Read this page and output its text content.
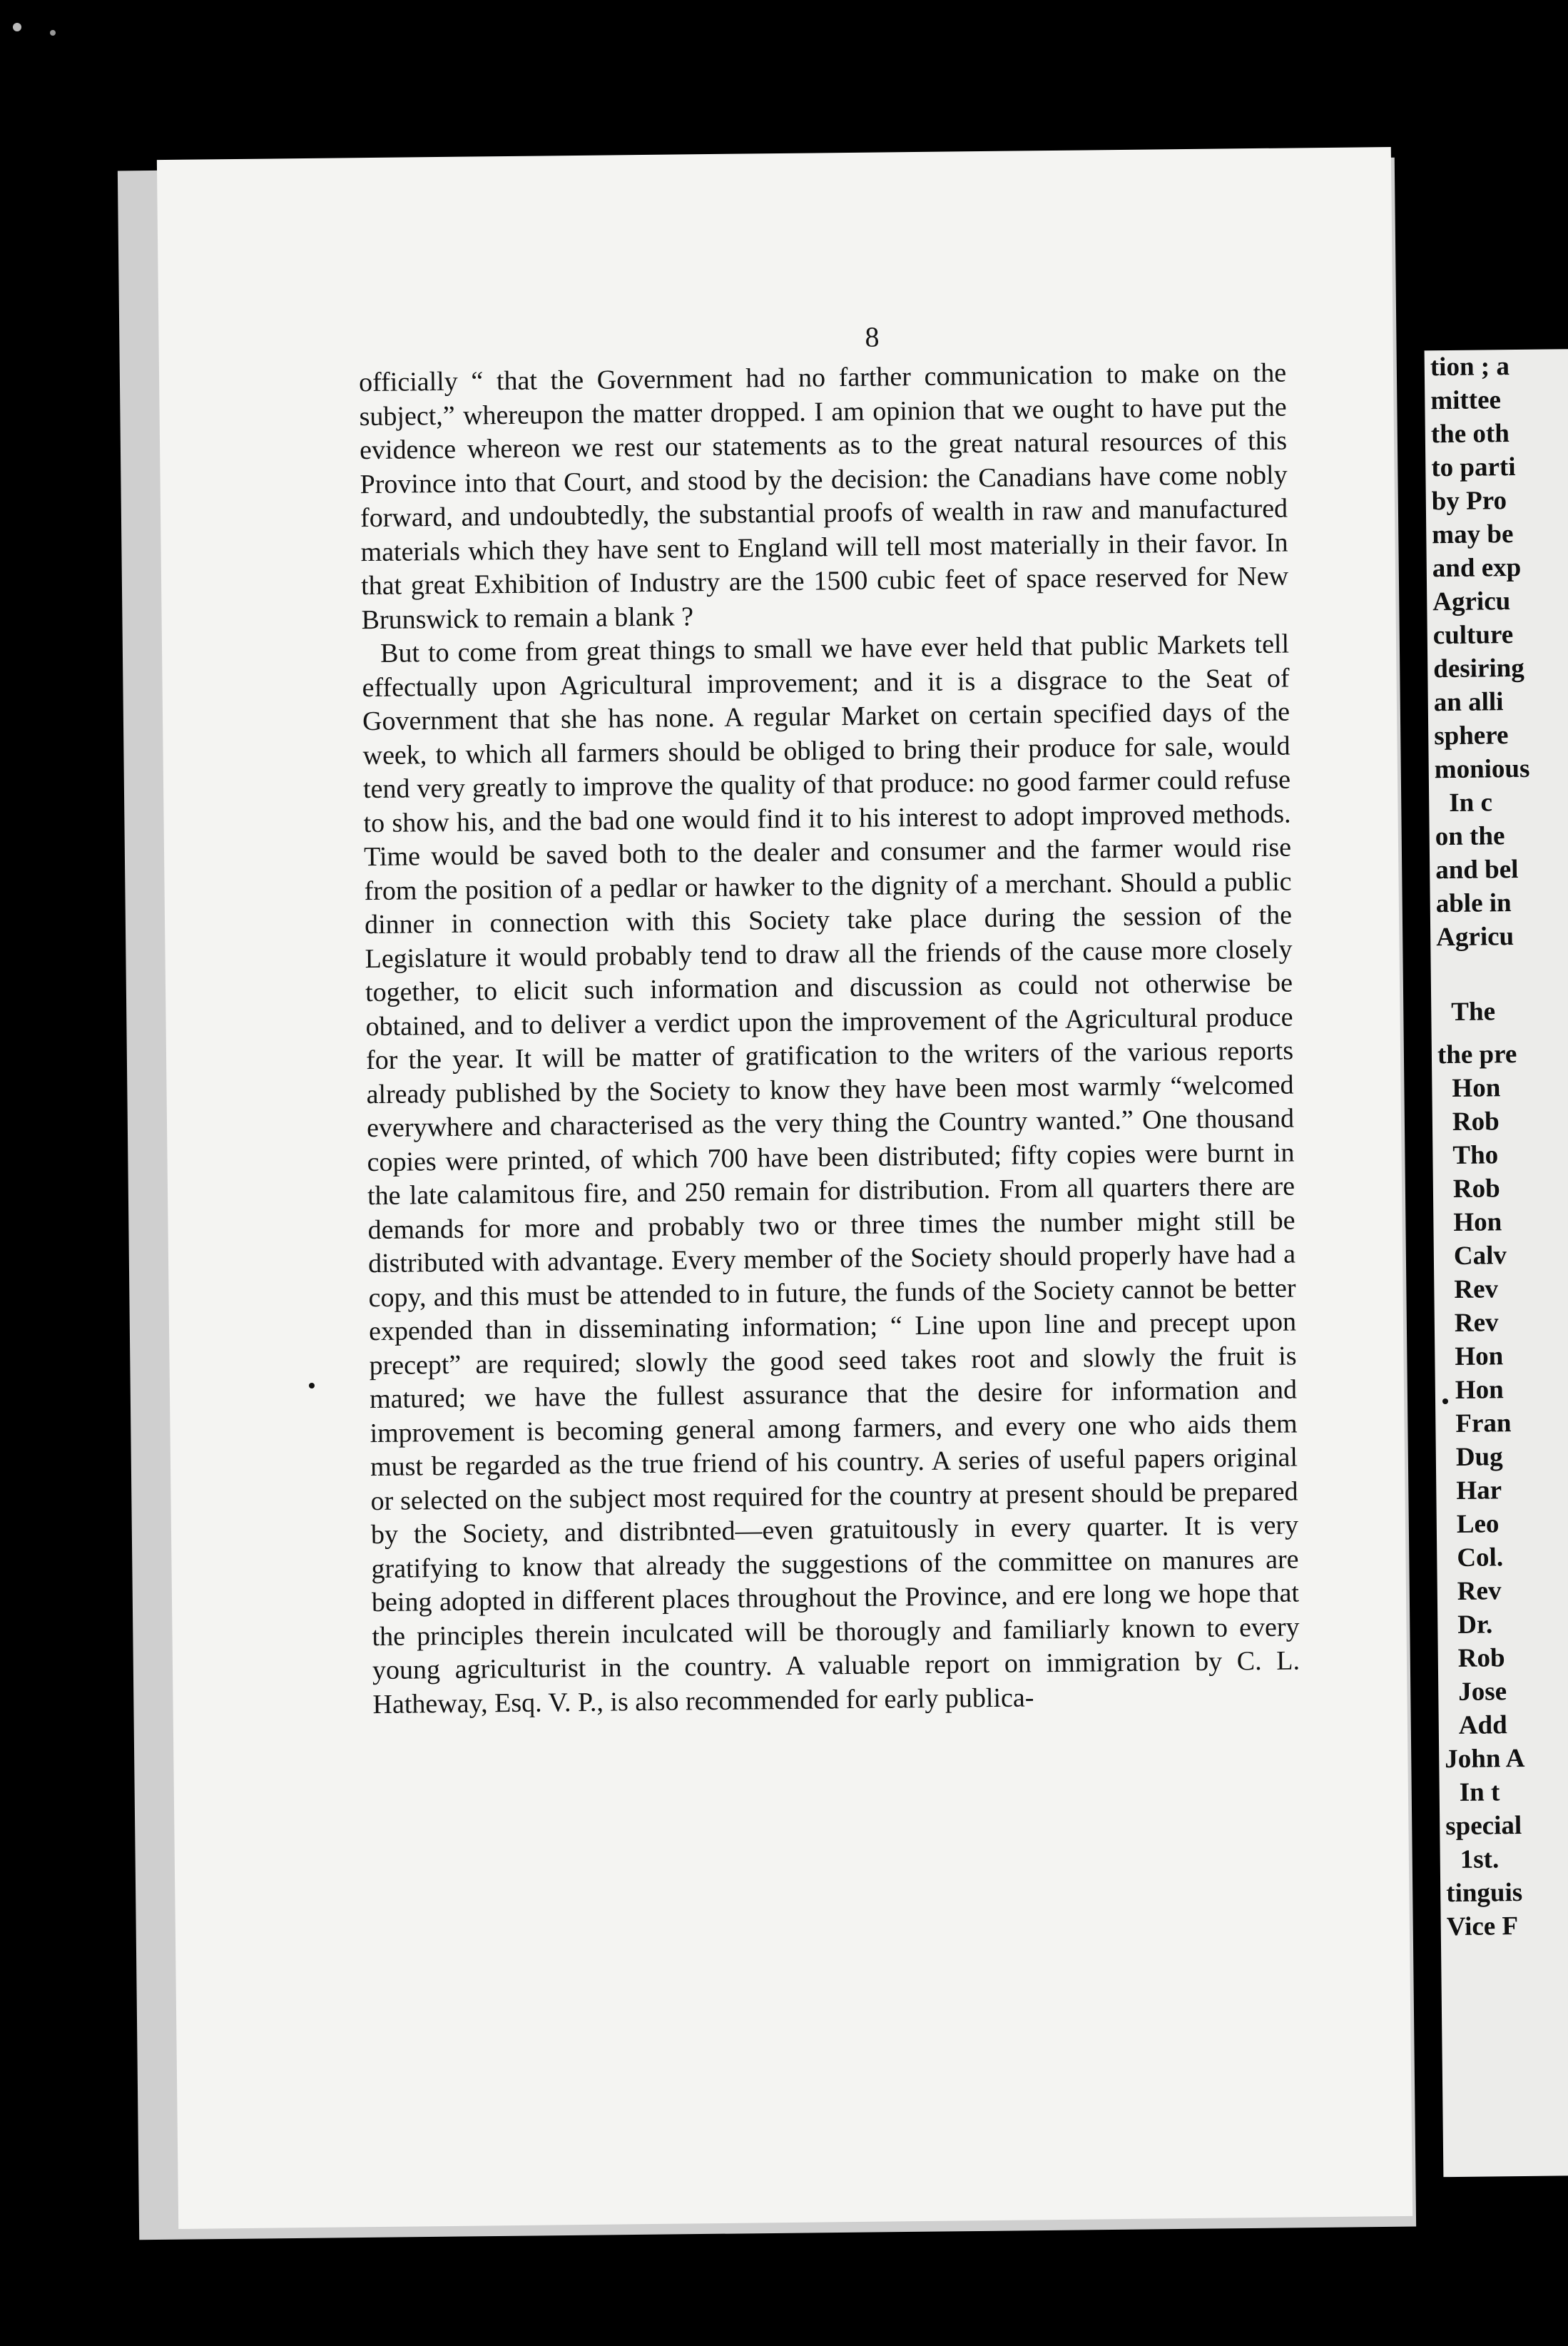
8

officially “ that the Government had no farther communication to make on the subject,” whereupon the matter dropped. I am opinion that we ought to have put the evidence whereon we rest our statements as to the great natural resources of this Province into that Court, and stood by the decision: the Canadians have come nobly forward, and undoubtedly, the substantial proofs of wealth in raw and manufactured materials which they have sent to England will tell most materially in their favor. In that great Exhibition of Industry are the 1500 cubic feet of space reserved for New Brunswick to remain a blank ?

But to come from great things to small we have ever held that public Markets tell effectually upon Agricultural improvement; and it is a disgrace to the Seat of Government that she has none. A regular Market on certain specified days of the week, to which all farmers should be obliged to bring their produce for sale, would tend very greatly to improve the quality of that produce: no good farmer could refuse to show his, and the bad one would find it to his interest to adopt improved methods. Time would be saved both to the dealer and consumer and the farmer would rise from the position of a pedlar or hawker to the dignity of a merchant. Should a public dinner in connection with this Society take place during the session of the Legislature it would probably tend to draw all the friends of the cause more closely together, to elicit such information and discussion as could not otherwise be obtained, and to deliver a verdict upon the improvement of the Agricultural produce for the year. It will be matter of gratification to the writers of the various reports already published by the Society to know they have been most warmly “welcomed everywhere and characterised as the very thing the Country wanted.” One thousand copies were printed, of which 700 have been distributed; fifty copies were burnt in the late calamitous fire, and 250 remain for distribution. From all quarters there are demands for more and probably two or three times the number might still be distributed with advantage. Every member of the Society should properly have had a copy, and this must be attended to in future, the funds of the Society cannot be better expended than in disseminating information; “ Line upon line and precept upon precept” are required; slowly the good seed takes root and slowly the fruit is matured; we have the fullest assurance that the desire for information and improvement is becoming general among farmers, and every one who aids them must be regarded as the true friend of his country. A series of useful papers original or selected on the subject most required for the country at present should be prepared by the Society, and distribnted—even gratuitously in every quarter. It is very gratifying to know that already the suggestions of the committee on manures are being adopted in different places throughout the Province, and ere long we hope that the principles therein inculcated will be thorougly and familiarly known to every young agriculturist in the country. A valuable report on immigration by C. L. Hatheway, Esq. V. P., is also recommended for early publica-

tion ; a
mittee
the oth
to parti
by Pro
may be
and exp
Agricu
culture
desiring
an alli
sphere
monious
In c
on the
and bel
able in
Agricu
The
the pre
Hon
Rob
Tho
Rob
Hon
Calv
Rev
Rev
Hon
Hon
Fran
Dug
Har
Leo
Col.
Rev
Dr.
Rob
Jose
Add
John A
In t
special
1st.
tinguis
Vice F
